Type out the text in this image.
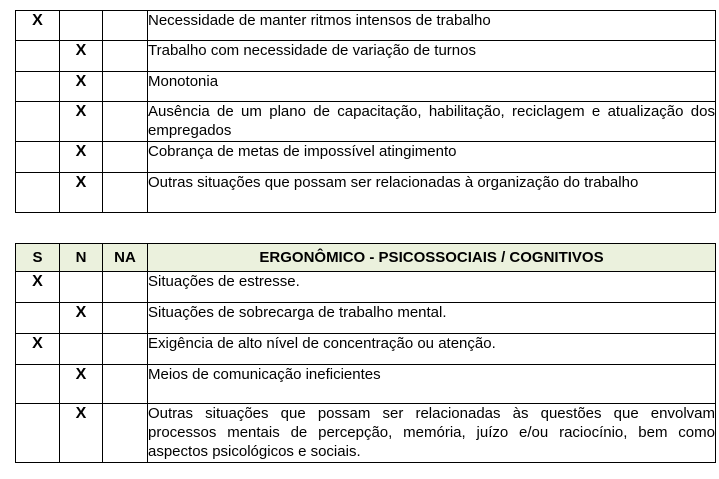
X			Necessidade de manter ritmos intensos de trabalho
	X		Trabalho com necessidade de variação de turnos
	X		Monotonia
	X		Ausência de um plano de capacitação, habilitação, reciclagem e atualização dos empregados
	X		Cobrança de metas de impossível atingimento
	X		Outras situações que possam ser relacionadas à organização do trabalho
S	N	NA	ERGONÔMICO - PSICOSSOCIAIS / COGNITIVOS
X			Situações de estresse.
	X		Situações de sobrecarga de trabalho mental.
X			Exigência de alto nível de concentração ou atenção.
	X		Meios de comunicação ineficientes
	X		Outras situações que possam ser relacionadas às questões que envolvam processos mentais de percepção, memória, juízo e/ou raciocínio, bem como aspectos psicológicos e sociais.
